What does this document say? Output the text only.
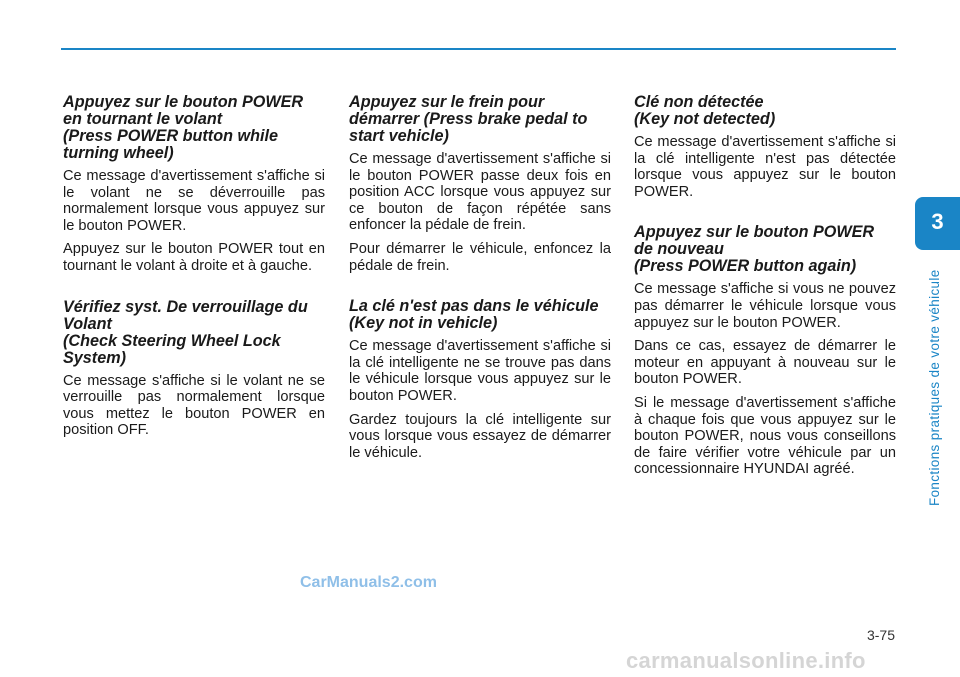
Appuyez sur le bouton POWER en tournant le volant
(Press POWER button while turning wheel)

Ce message d'avertissement s'affiche si le volant ne se déverrouille pas normalement lorsque vous appuyez sur le bouton POWER.

Appuyez sur le bouton POWER tout en tournant le volant à droite et à gauche.

Vérifiez syst. De verrouillage du Volant
(Check Steering Wheel Lock System)

Ce message s'affiche si le volant ne se verrouille pas normalement lorsque vous mettez le bouton POWER en position OFF.

Appuyez sur le frein pour démarrer (Press brake pedal to start vehicle)

Ce message d'avertissement s'affiche si le bouton POWER passe deux fois en position ACC lorsque vous appuyez sur ce bouton de façon répétée sans enfoncer la pédale de frein.

Pour démarrer le véhicule, enfoncez la pédale de frein.

La clé n'est pas dans le véhicule (Key not in vehicle)

Ce message d'avertissement s'affiche si la clé intelligente ne se trouve pas dans le véhicule lorsque vous appuyez sur le bouton POWER.

Gardez toujours la clé intelligente sur vous lorsque vous essayez de démarrer le véhicule.

Clé non détectée
(Key not detected)

Ce message d'avertissement s'affiche si la clé intelligente n'est pas détectée lorsque vous appuyez sur le bouton POWER.

Appuyez sur le bouton POWER de nouveau
(Press POWER button again)

Ce message s'affiche si vous ne pouvez pas démarrer le véhicule lorsque vous appuyez sur le bouton POWER.

Dans ce cas, essayez de démarrer le moteur en appuyant à nouveau sur le bouton POWER.

Si le message d'avertissement s'affiche à chaque fois que vous appuyez sur le bouton POWER, nous vous conseillons de faire vérifier votre véhicule par un concessionnaire HYUNDAI agréé.

3
Fonctions pratiques de votre véhicule
3-75
CarManuals2.com
carmanualsonline.info
